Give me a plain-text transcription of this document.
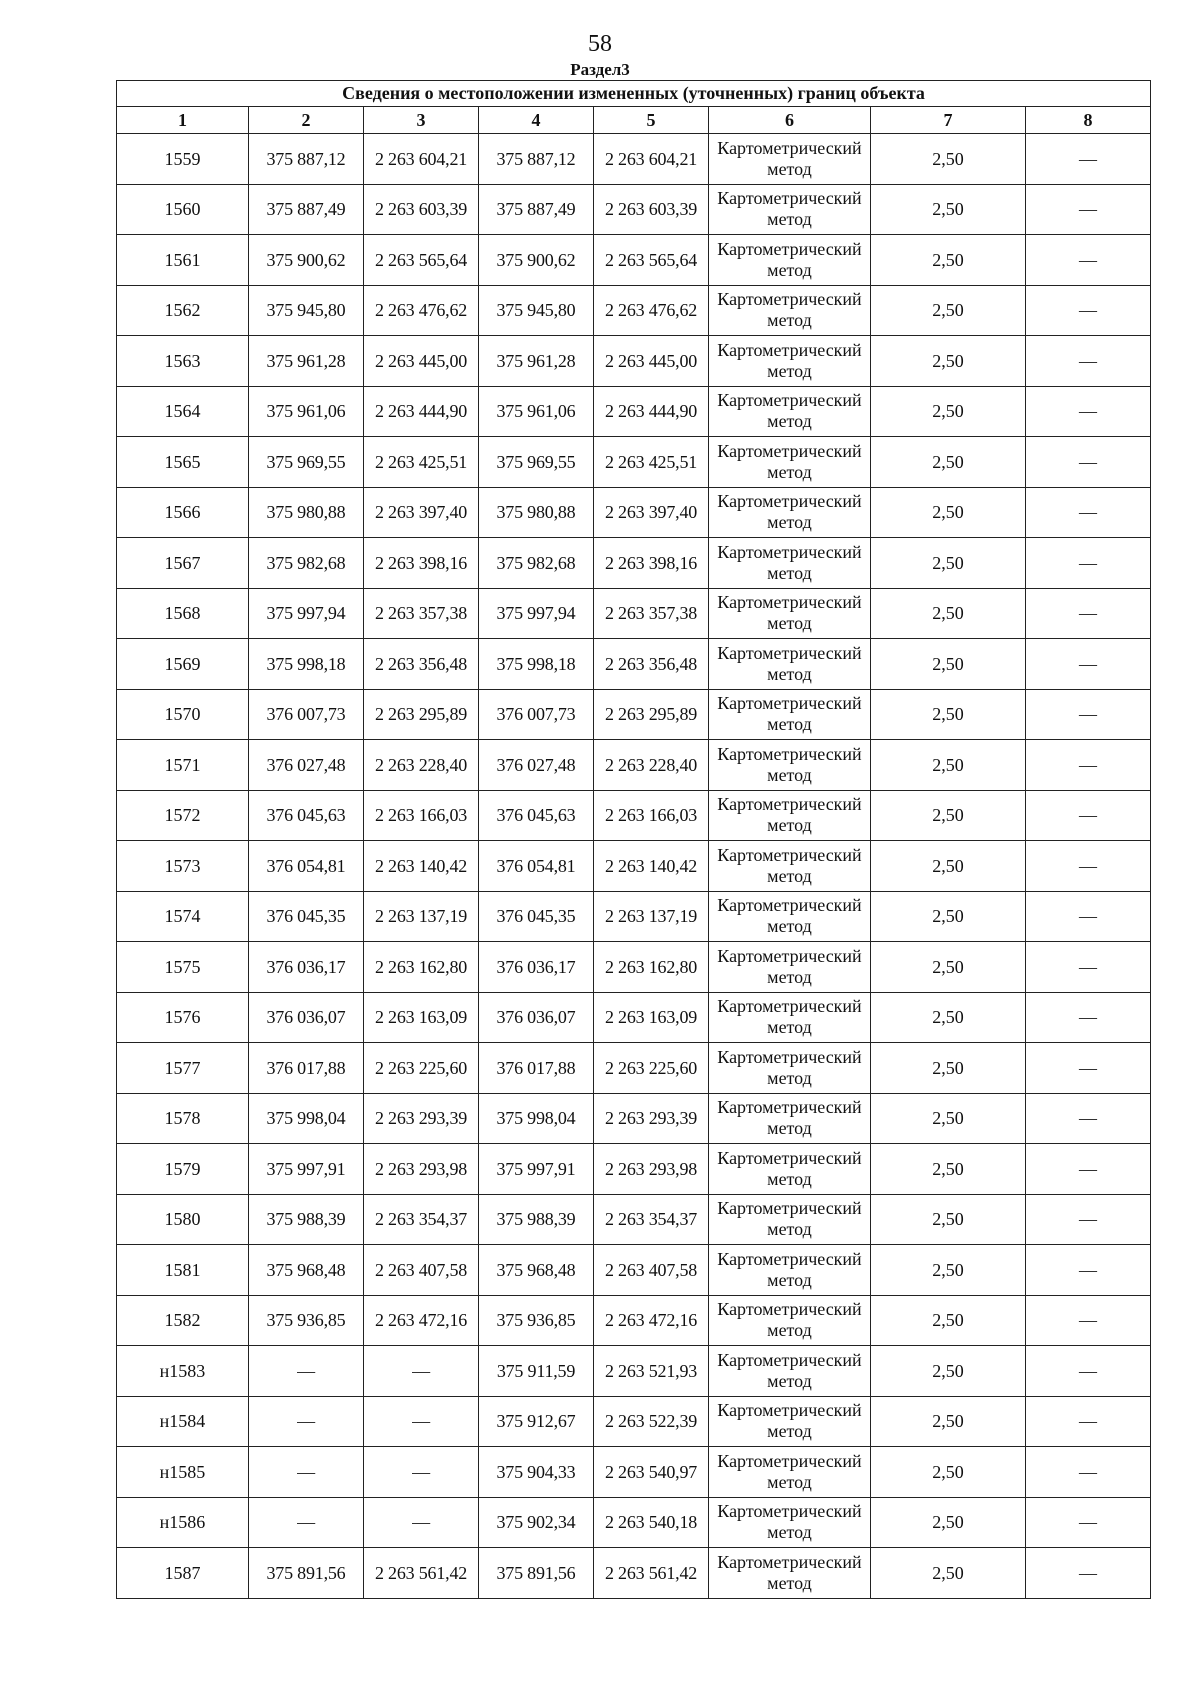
58
Раздел3
Сведения о местоположении измененных (уточненных) границ объекта							
1	2	3	4	5	6	7	8
1559	375 887,12	2 263 604,21	375 887,12	2 263 604,21	Картометрический метод	2,50	—
1560	375 887,49	2 263 603,39	375 887,49	2 263 603,39	Картометрический метод	2,50	—
1561	375 900,62	2 263 565,64	375 900,62	2 263 565,64	Картометрический метод	2,50	—
1562	375 945,80	2 263 476,62	375 945,80	2 263 476,62	Картометрический метод	2,50	—
1563	375 961,28	2 263 445,00	375 961,28	2 263 445,00	Картометрический метод	2,50	—
1564	375 961,06	2 263 444,90	375 961,06	2 263 444,90	Картометрический метод	2,50	—
1565	375 969,55	2 263 425,51	375 969,55	2 263 425,51	Картометрический метод	2,50	—
1566	375 980,88	2 263 397,40	375 980,88	2 263 397,40	Картометрический метод	2,50	—
1567	375 982,68	2 263 398,16	375 982,68	2 263 398,16	Картометрический метод	2,50	—
1568	375 997,94	2 263 357,38	375 997,94	2 263 357,38	Картометрический метод	2,50	—
1569	375 998,18	2 263 356,48	375 998,18	2 263 356,48	Картометрический метод	2,50	—
1570	376 007,73	2 263 295,89	376 007,73	2 263 295,89	Картометрический метод	2,50	—
1571	376 027,48	2 263 228,40	376 027,48	2 263 228,40	Картометрический метод	2,50	—
1572	376 045,63	2 263 166,03	376 045,63	2 263 166,03	Картометрический метод	2,50	—
1573	376 054,81	2 263 140,42	376 054,81	2 263 140,42	Картометрический метод	2,50	—
1574	376 045,35	2 263 137,19	376 045,35	2 263 137,19	Картометрический метод	2,50	—
1575	376 036,17	2 263 162,80	376 036,17	2 263 162,80	Картометрический метод	2,50	—
1576	376 036,07	2 263 163,09	376 036,07	2 263 163,09	Картометрический метод	2,50	—
1577	376 017,88	2 263 225,60	376 017,88	2 263 225,60	Картометрический метод	2,50	—
1578	375 998,04	2 263 293,39	375 998,04	2 263 293,39	Картометрический метод	2,50	—
1579	375 997,91	2 263 293,98	375 997,91	2 263 293,98	Картометрический метод	2,50	—
1580	375 988,39	2 263 354,37	375 988,39	2 263 354,37	Картометрический метод	2,50	—
1581	375 968,48	2 263 407,58	375 968,48	2 263 407,58	Картометрический метод	2,50	—
1582	375 936,85	2 263 472,16	375 936,85	2 263 472,16	Картометрический метод	2,50	—
н1583	—	—	375 911,59	2 263 521,93	Картометрический метод	2,50	—
н1584	—	—	375 912,67	2 263 522,39	Картометрический метод	2,50	—
н1585	—	—	375 904,33	2 263 540,97	Картометрический метод	2,50	—
н1586	—	—	375 902,34	2 263 540,18	Картометрический метод	2,50	—
1587	375 891,56	2 263 561,42	375 891,56	2 263 561,42	Картометрический метод	2,50	—
